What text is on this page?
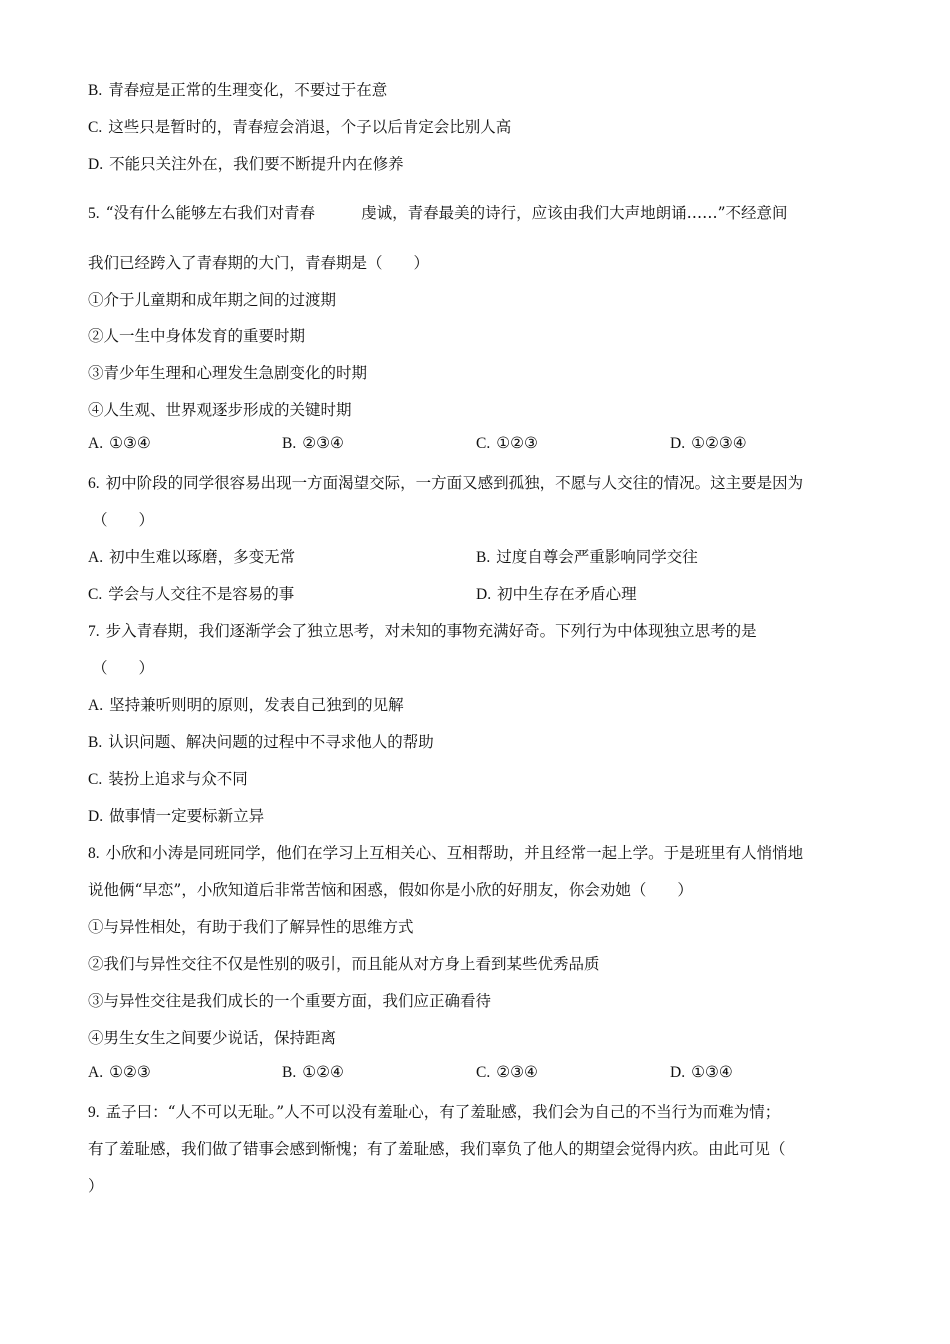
B. 青春痘是正常的生理变化，不要过于在意
C. 这些只是暂时的，青春痘会消退，个子以后肯定会比别人高
D. 不能只关注外在，我们要不断提升内在修养
5. “没有什么能够左右我们对青春	虔诚，青春最美的诗行，应该由我们大声地朗诵……”不经意间
我们已经跨入了青春期的大门，青春期是（　　）
①介于儿童期和成年期之间的过渡期
②人一生中身体发育的重要时期
③青少年生理和心理发生急剧变化的时期
④人生观、世界观逐步形成的关键时期
A. ①③④	B. ②③④	C. ①②③	D. ①②③④
6. 初中阶段的同学很容易出现一方面渴望交际，一方面又感到孤独，不愿与人交往的情况。这主要是因为
（　　）
A. 初中生难以琢磨，多变无常	B. 过度自尊会严重影响同学交往
C. 学会与人交往不是容易的事	D. 初中生存在矛盾心理
7. 步入青春期，我们逐渐学会了独立思考，对未知的事物充满好奇。下列行为中体现独立思考的是
（　　）
A. 坚持兼听则明的原则，发表自己独到的见解
B. 认识问题、解决问题的过程中不寻求他人的帮助
C. 装扮上追求与众不同
D. 做事情一定要标新立异
8. 小欣和小涛是同班同学，他们在学习上互相关心、互相帮助，并且经常一起上学。于是班里有人悄悄地
说他俩“早恋”，小欣知道后非常苦恼和困惑，假如你是小欣的好朋友，你会劝她（　　）
①与异性相处，有助于我们了解异性的思维方式
②我们与异性交往不仅是性别的吸引，而且能从对方身上看到某些优秀品质
③与异性交往是我们成长的一个重要方面，我们应正确看待
④男生女生之间要少说话，保持距离
A. ①②③	B. ①②④	C. ②③④	D. ①③④
9. 孟子曰：“人不可以无耻。”人不可以没有羞耻心，有了羞耻感，我们会为自己的不当行为而难为情；
有了羞耻感，我们做了错事会感到惭愧；有了羞耻感，我们辜负了他人的期望会觉得内疚。由此可见（
）
